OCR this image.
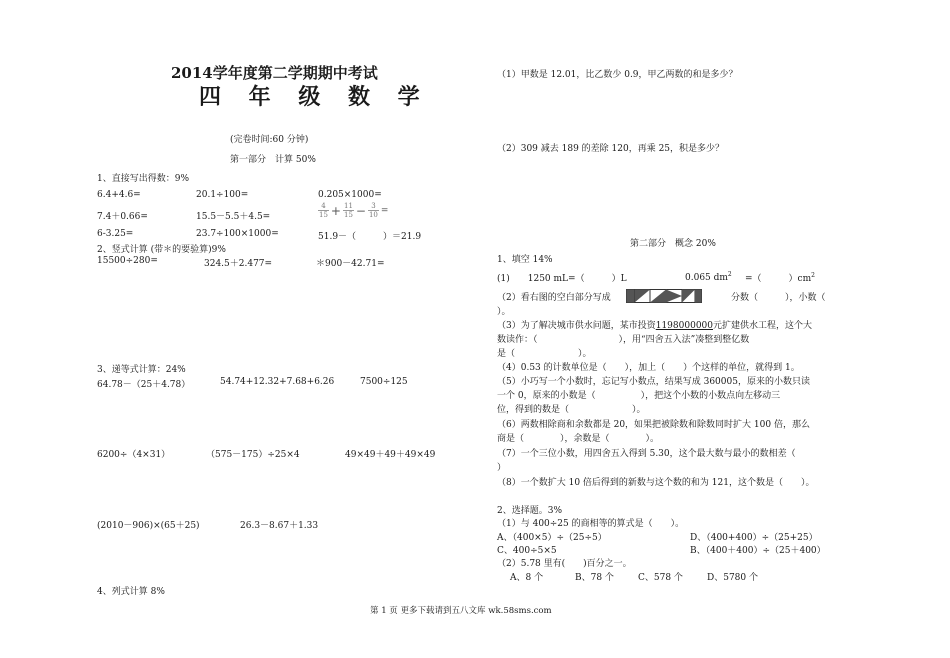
2014学年度第二学期期中考试
四 年 级 数 学
(完卷时间:60 分钟)
第一部分　计算 50%
1、直接写出得数：9%
6.4+4.6=	20.1÷100=	0.205×1000=
7.4＋0.66=	15.5－5.5＋4.5=	$\frac{4}{15} + \frac{11}{15} - \frac{3}{10}$ =
6-3.25=	23.7÷100×1000=	51.9－（　　　）＝21.9
2、竖式计算 (带＊的要验算)9%
15500÷280=	324.5＋2.477=	＊900－42.71=
3、递等式计算：24%
64.78－（25＋4.78）	54.74+12.32+7.68+6.26	7500÷125
6200÷（4×31）	（575－175）÷25×4	49×49＋49＋49×49
(2010－906)×(65＋25)	26.3－8.67＋1.33
4、列式计算 8%
（1）甲数是 12.01，比乙数少 0.9，甲乙两数的和是多少？
（2）309 减去 189 的差除 120，再乘 25，积是多少？
第二部分　概念 20%
1、填空 14%
(1)　　1250 mL=（　　　）L	0.065 $dm^2$ =（　　　）$cm^2$
（2）看右图的空白部分写成	分数（　　　），小数（
）。
（3）为了解决城市供水问题，某市投资1198000000元扩建供水工程，这个大
数读作：（　　　　　　　　　），用“四舍五入法”凑整到整亿数
是（　　　　　　　）。
（4）0.53 的计数单位是（　　），加上（　　）个这样的单位，就得到 1。
（5）小巧写一个小数时，忘记写小数点，结果写成 360005，原来的小数只读
一个 0，原来的小数是（　　　　　），把这个小数的小数点向左移动三
位，得到的数是（　　　　　　　）。
（6）两数相除商和余数都是 20，如果把被除数和除数同时扩大 100 倍，那么
商是（　　　　），余数是（　　　　）。
（7）一个三位小数，用四舍五入得到 5.30，这个最大数与最小的数相差（
）
（8）一个数扩大 10 倍后得到的新数与这个数的和为 121，这个数是（　　）。
2、选择题。3%
（1）与 400÷25 的商相等的算式是（　　）。
A、（400×5）÷（25÷5）	D、（400+400）÷（25+25）
C、400÷5×5	B、（400＋400）÷（25＋400）
（2）5.78 里有(　　)百分之一。
A、8 个	B、78 个	C、578 个	D、5780 个
第 1 页 更多下载请到五八文库 wk.58sms.com
